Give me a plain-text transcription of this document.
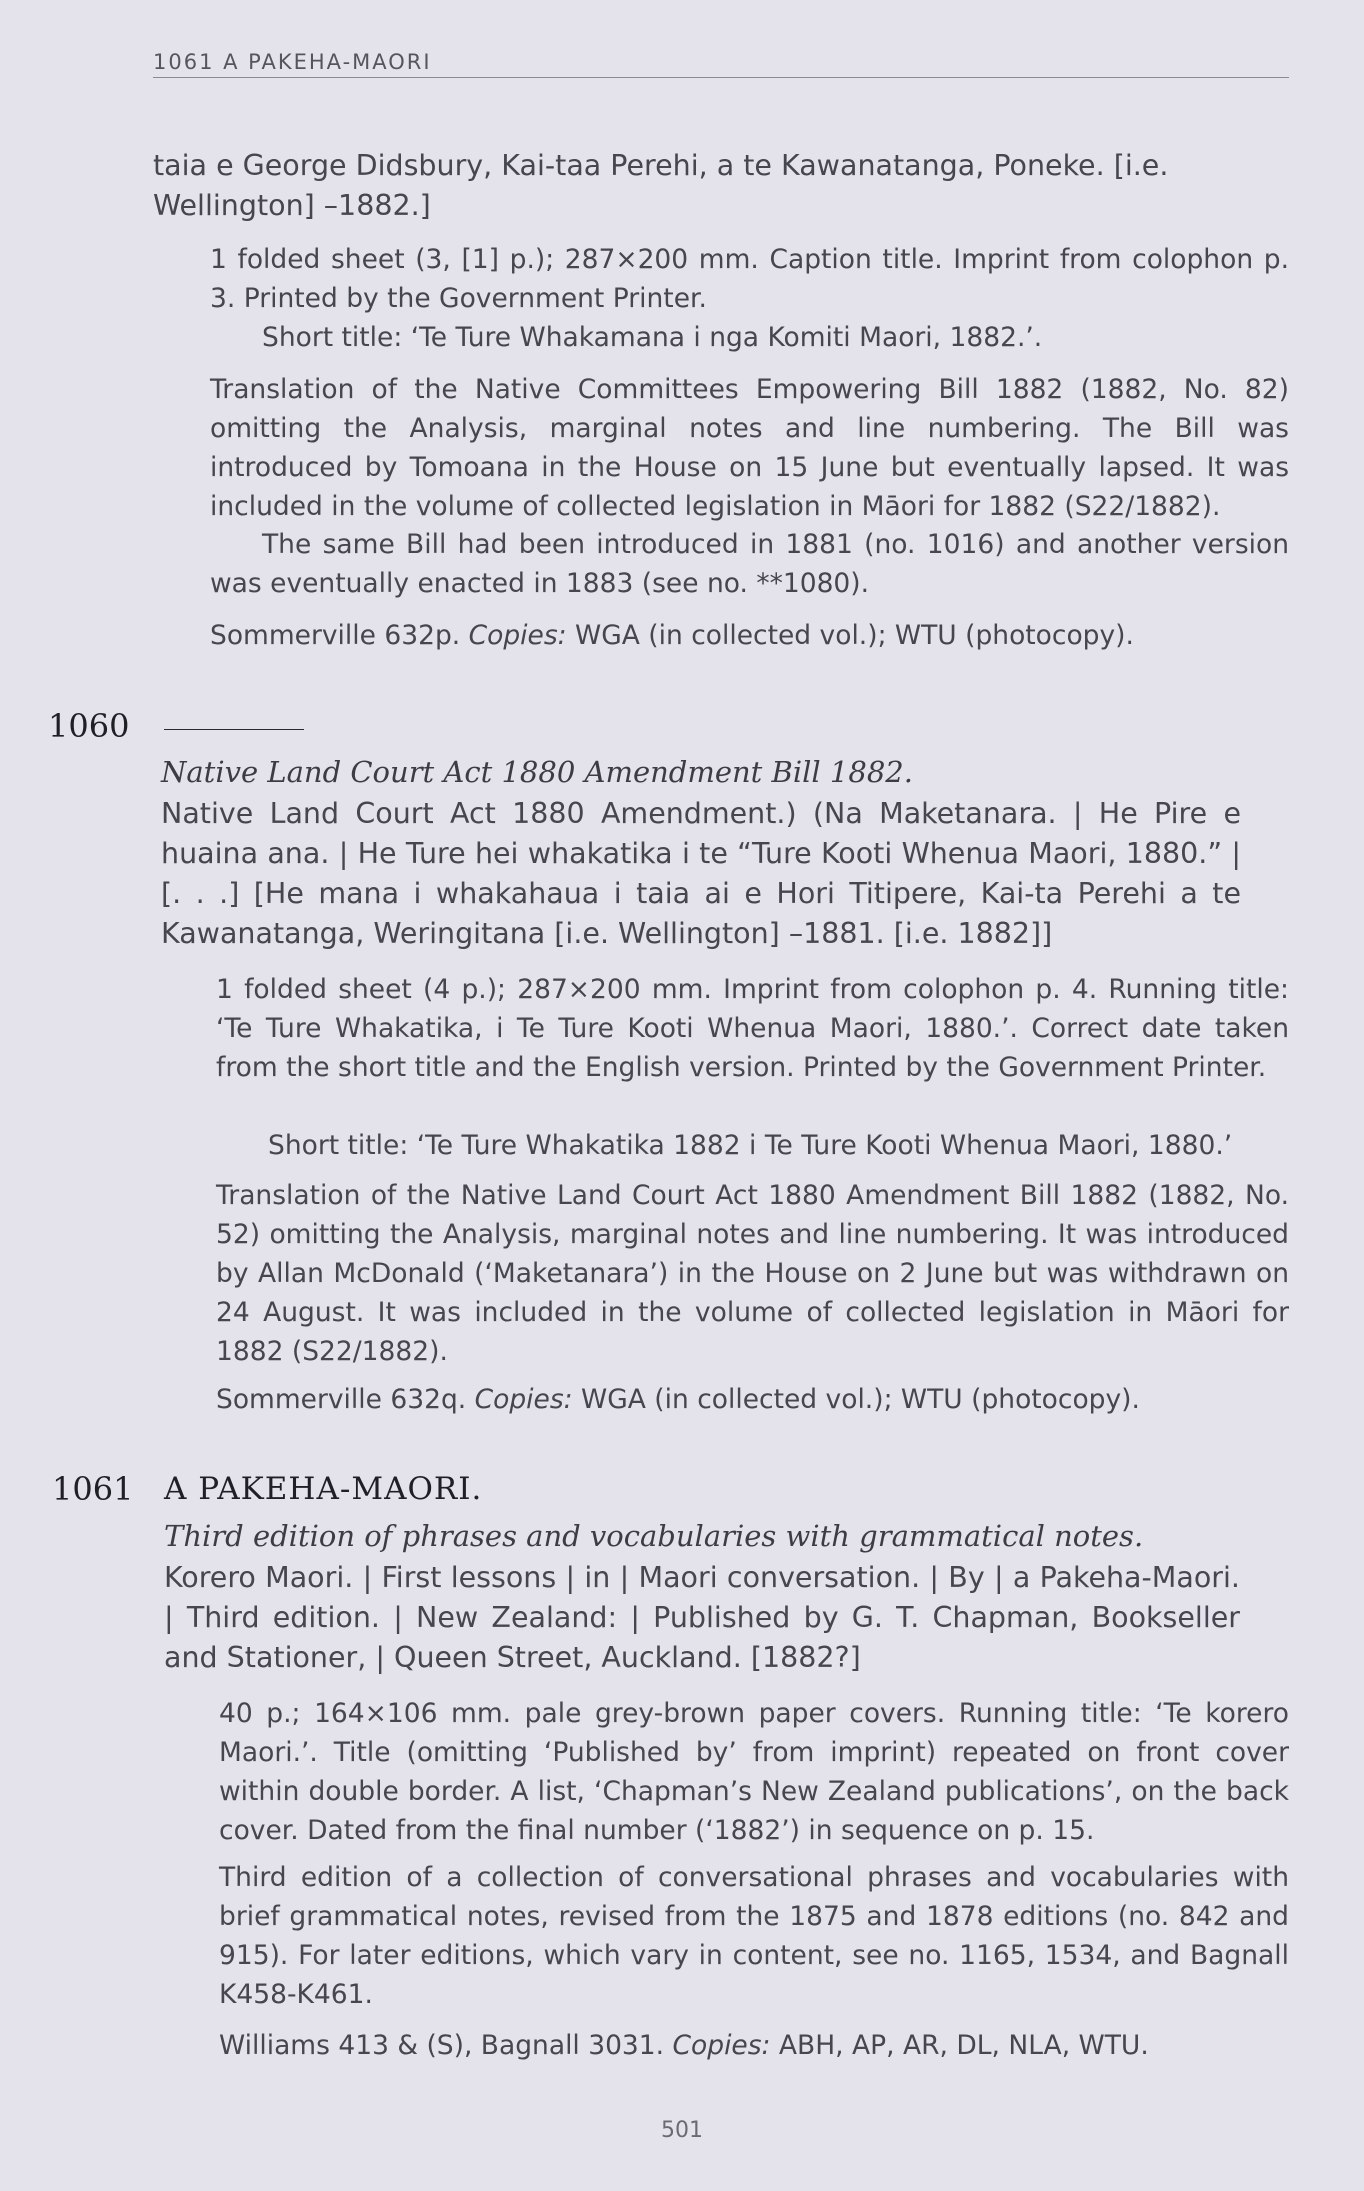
1061 A PAKEHA-MAORI

taia e George Didsbury, Kai-taa Perehi, a te Kawanatanga, Poneke. [i.e. Wellington] –1882.]

1 folded sheet (3, [1] p.); 287×200 mm. Caption title. Imprint from colophon p. 3. Printed by the Government Printer.

Short title: ‘Te Ture Whakamana i nga Komiti Maori, 1882.’.

Translation of the Native Committees Empowering Bill 1882 (1882, No. 82) omitting the Analysis, marginal notes and line numbering. The Bill was introduced by Tomoana in the House on 15 June but eventually lapsed. It was included in the volume of collected legislation in Māori for 1882 (S22/1882).

The same Bill had been introduced in 1881 (no. 1016) and another version was eventually enacted in 1883 (see no. **1080).

Sommerville 632p. Copies: WGA (in collected vol.); WTU (photocopy).

1060

Native Land Court Act 1880 Amendment Bill 1882.

Native Land Court Act 1880 Amendment.) (Na Maketanara. | He Pire e huaina ana. | He Ture hei whakatika i te “Ture Kooti Whenua Maori, 1880.” | [. . .] [He mana i whakahaua i taia ai e Hori Titipere, Kai-ta Perehi a te Kawanatanga, Weringitana [i.e. Wellington] –1881. [i.e. 1882]]

1 folded sheet (4 p.); 287×200 mm. Imprint from colophon p. 4. Running title: ‘Te Ture Whakatika, i Te Ture Kooti Whenua Maori, 1880.’. Correct date taken from the short title and the English version. Printed by the Government Printer.

Short title: ‘Te Ture Whakatika 1882 i Te Ture Kooti Whenua Maori, 1880.’

Translation of the Native Land Court Act 1880 Amendment Bill 1882 (1882, No. 52) omitting the Analysis, marginal notes and line numbering. It was introduced by Allan McDonald (‘Maketanara’) in the House on 2 June but was withdrawn on 24 August. It was included in the volume of collected legislation in Māori for 1882 (S22/1882).

Sommerville 632q. Copies: WGA (in collected vol.); WTU (photocopy).

1061 A PAKEHA-MAORI.

Third edition of phrases and vocabularies with grammatical notes.

Korero Maori. | First lessons | in | Maori conversation. | By | a Pakeha-Maori. | Third edition. | New Zealand: | Published by G. T. Chapman, Bookseller and Stationer, | Queen Street, Auckland. [1882?]

40 p.; 164×106 mm. pale grey-brown paper covers. Running title: ‘Te korero Maori.’. Title (omitting ‘Published by’ from imprint) repeated on front cover within double border. A list, ‘Chapman’s New Zealand publications’, on the back cover. Dated from the final number (‘1882’) in sequence on p. 15.

Third edition of a collection of conversational phrases and vocabularies with brief grammatical notes, revised from the 1875 and 1878 editions (no. 842 and 915). For later editions, which vary in content, see no. 1165, 1534, and Bagnall K458-K461.

Williams 413 & (S), Bagnall 3031. Copies: ABH, AP, AR, DL, NLA, WTU.

501
